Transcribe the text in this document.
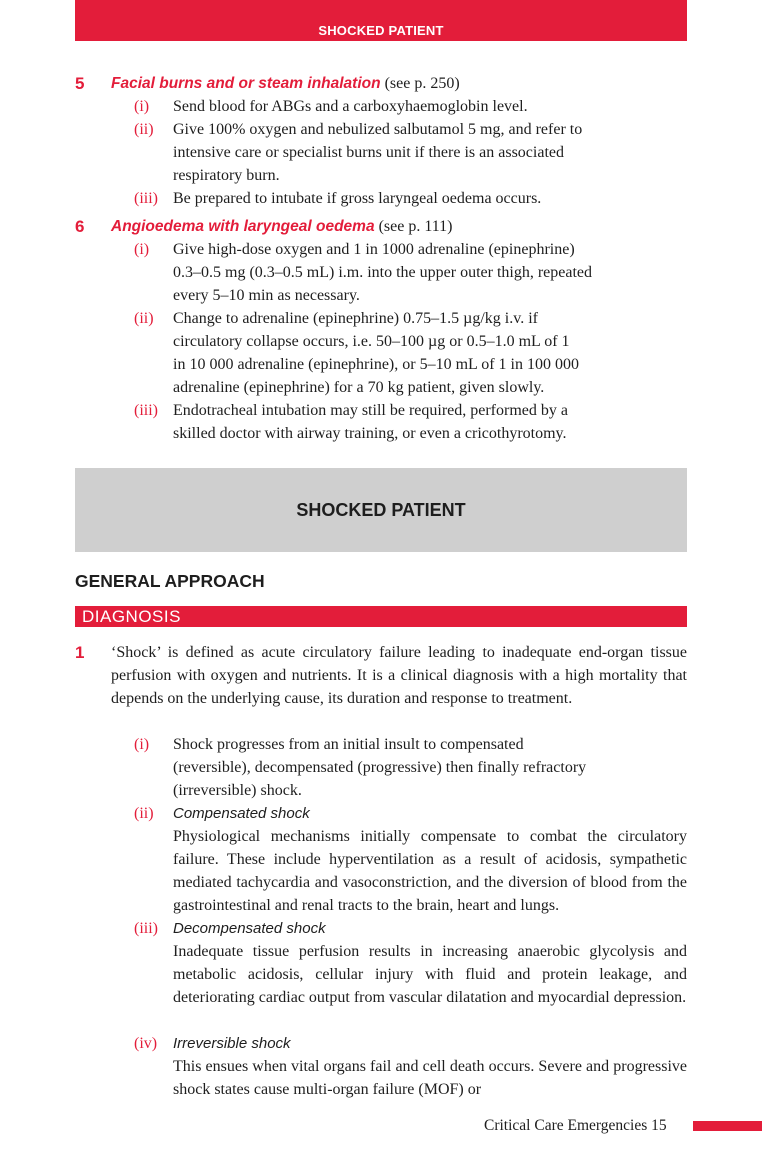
SHOCKED PATIENT
5 Facial burns and or steam inhalation (see p. 250)
(i)	Send blood for ABGs and a carboxyhaemoglobin level.
(ii)	Give 100% oxygen and nebulized salbutamol 5 mg, and refer to
intensive care or specialist burns unit if there is an associated
respiratory burn.
(iii) Be prepared to intubate if gross laryngeal oedema occurs.
6 Angioedema with laryngeal oedema (see p. 111)
(i)	Give high-dose oxygen and 1 in 1000 adrenaline (epinephrine)
0.3–0.5 mg (0.3–0.5 mL) i.m. into the upper outer thigh, repeated
every 5–10 min as necessary.
(ii)	Change to adrenaline (epinephrine) 0.75–1.5 µg/kg i.v. if
circulatory collapse occurs, i.e. 50–100 µg or 0.5–1.0 mL of 1
in 10 000 adrenaline (epinephrine), or 5–10 mL of 1 in 100 000
adrenaline (epinephrine) for a 70 kg patient, given slowly.
(iii) Endotracheal intubation may still be required, performed by a
skilled doctor with airway training, or even a cricothyrotomy.
SHOCKED PATIENT
GENERAL APPROACH
DIAGNOSIS
1 ‘Shock’ is defined as acute circulatory failure leading to inadequate end-organ tissue perfusion with oxygen and nutrients. It is a clinical diagnosis with a high mortality that depends on the underlying cause, its duration and response to treatment.
(i)	Shock progresses from an initial insult to compensated
(reversible), decompensated (progressive) then finally refractory
(irreversible) shock.
(ii)	Compensated shock
Physiological mechanisms initially compensate to combat the circulatory failure. These include hyperventilation as a result of acidosis, sympathetic mediated tachycardia and vasoconstriction, and the diversion of blood from the gastrointestinal and renal tracts to the brain, heart and lungs.
(iii)	Decompensated shock
Inadequate tissue perfusion results in increasing anaerobic glycolysis and metabolic acidosis, cellular injury with fluid and protein leakage, and deteriorating cardiac output from vascular dilatation and myocardial depression.
(iv)	Irreversible shock
This ensues when vital organs fail and cell death occurs. Severe and progressive shock states cause multi-organ failure (MOF) or
Critical Care Emergencies 15
